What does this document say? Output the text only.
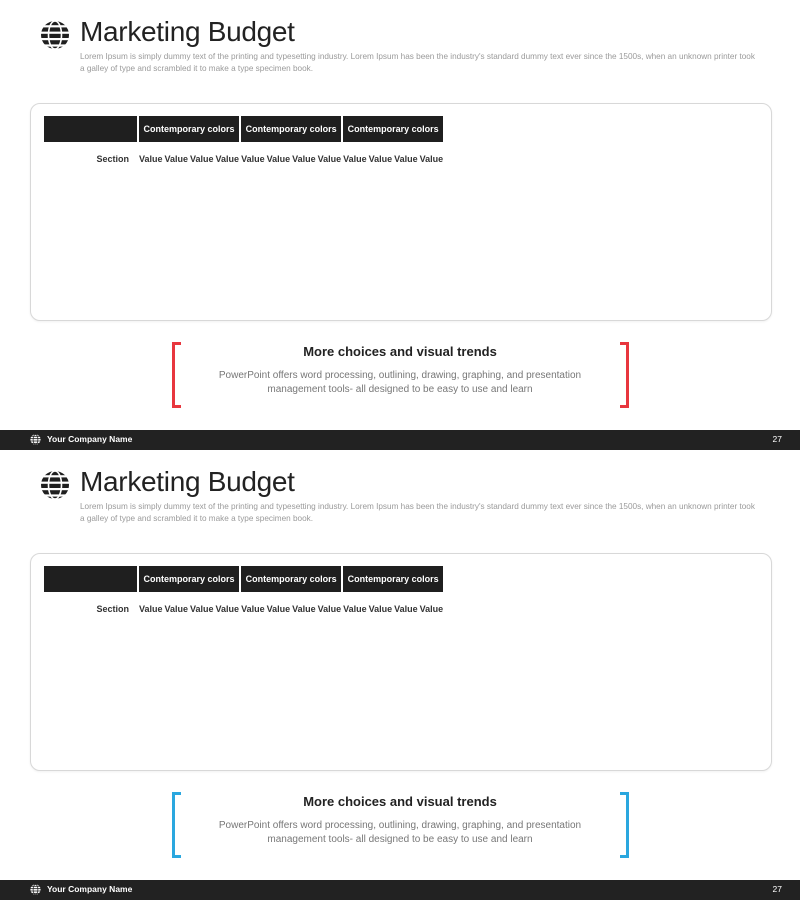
Marketing Budget
Lorem Ipsum is simply dummy text of the printing and typesetting industry. Lorem Ipsum has been the industry's standard dummy text ever since the 1500s, when an unknown printer took a galley of type and scrambled it to make a type specimen book.
	Contemporary colors				Contemporary colors				Contemporary colors			
Section	Value	Value	Value	Value	Value	Value	Value	Value	Value	Value	Value	Value
More choices and visual trends
PowerPoint offers word processing, outlining, drawing, graphing, and presentation
management tools- all designed to be easy to use and learn
Your Company Name	27
Marketing Budget
Lorem Ipsum is simply dummy text of the printing and typesetting industry. Lorem Ipsum has been the industry's standard dummy text ever since the 1500s, when an unknown printer took a galley of type and scrambled it to make a type specimen book.
	Contemporary colors				Contemporary colors				Contemporary colors			
Section	Value	Value	Value	Value	Value	Value	Value	Value	Value	Value	Value	Value
More choices and visual trends
PowerPoint offers word processing, outlining, drawing, graphing, and presentation
management tools- all designed to be easy to use and learn
Your Company Name	27
